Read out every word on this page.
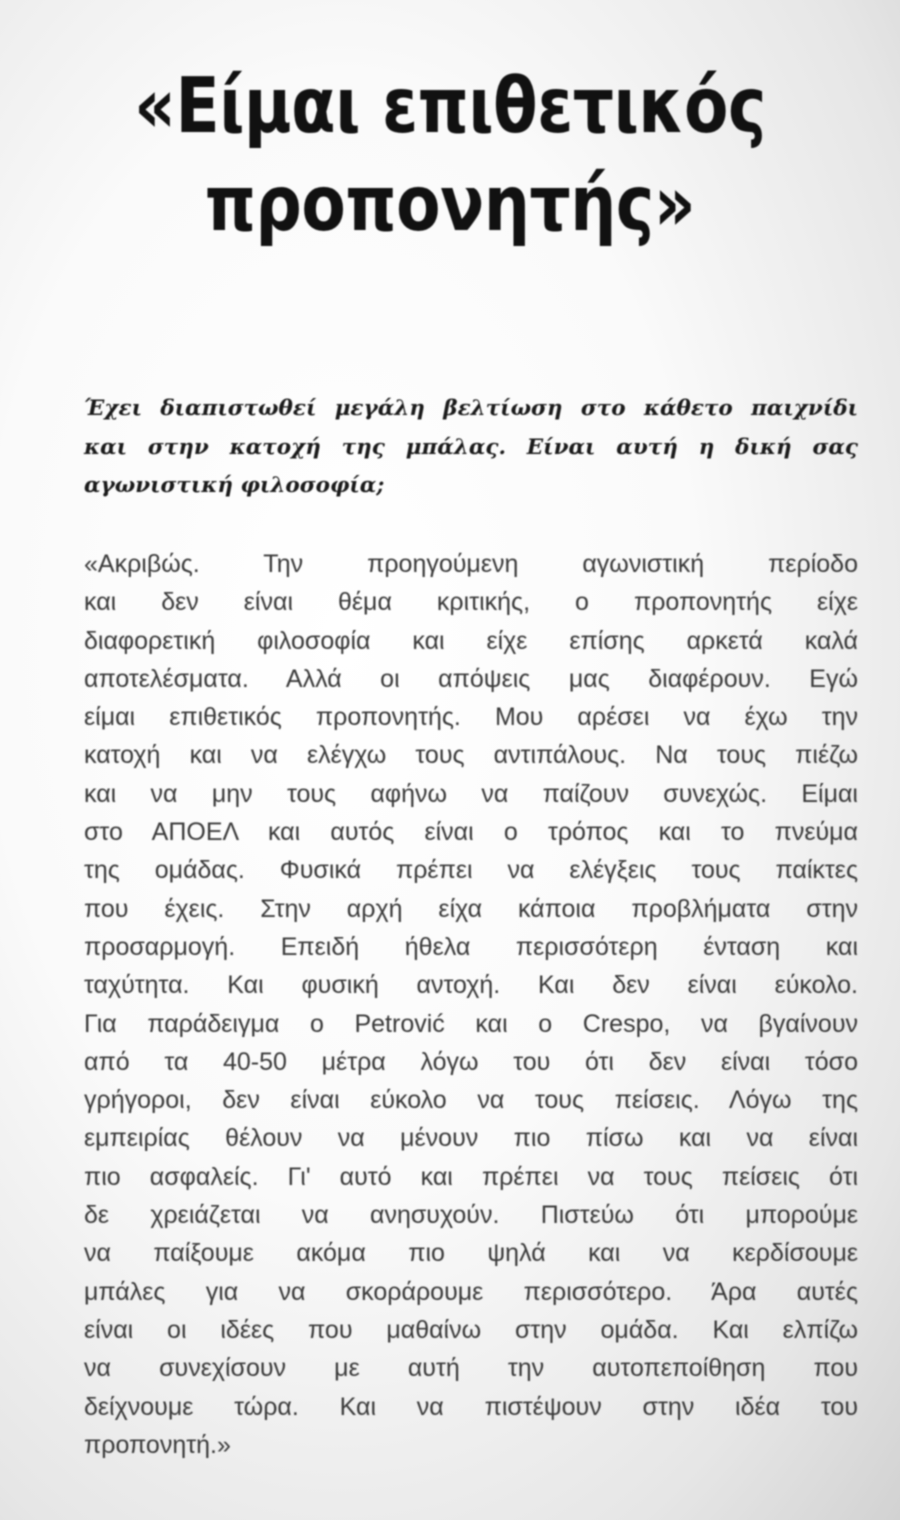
«Είμαι επιθετικός
προπονητής»

Έχει διαπιστωθεί μεγάλη βελτίωση στο κάθετο παιχνίδι
και στην κατοχή της μπάλας. Είναι αυτή η δική σας
αγωνιστική φιλοσοφία;

«Ακριβώς. Την προηγούμενη αγωνιστική περίοδο
και δεν είναι θέμα κριτικής, ο προπονητής είχε
διαφορετική φιλοσοφία και είχε επίσης αρκετά καλά
αποτελέσματα. Αλλά οι απόψεις μας διαφέρουν. Εγώ
είμαι επιθετικός προπονητής. Μου αρέσει να έχω την
κατοχή και να ελέγχω τους αντιπάλους. Να τους πιέζω
και να μην τους αφήνω να παίζουν συνεχώς. Είμαι
στο ΑΠΟΕΛ και αυτός είναι ο τρόπος και το πνεύμα
της ομάδας. Φυσικά πρέπει να ελέγξεις τους παίκτες
που έχεις. Στην αρχή είχα κάποια προβλήματα στην
προσαρμογή. Επειδή ήθελα περισσότερη ένταση και
ταχύτητα. Και φυσική αντοχή. Και δεν είναι εύκολο.
Για παράδειγμα ο Petrović και ο Crespo, να βγαίνουν
από τα 40-50 μέτρα λόγω του ότι δεν είναι τόσο
γρήγοροι, δεν είναι εύκολο να τους πείσεις. Λόγω της
εμπειρίας θέλουν να μένουν πιο πίσω και να είναι
πιο ασφαλείς. Γι' αυτό και πρέπει να τους πείσεις ότι
δε χρειάζεται να ανησυχούν. Πιστεύω ότι μπορούμε
να παίξουμε ακόμα πιο ψηλά και να κερδίσουμε
μπάλες για να σκοράρουμε περισσότερο. Άρα αυτές
είναι οι ιδέες που μαθαίνω στην ομάδα. Και ελπίζω
να συνεχίσουν με αυτή την αυτοπεποίθηση που
δείχνουμε τώρα. Και να πιστέψουν στην ιδέα του
προπονητή.»
